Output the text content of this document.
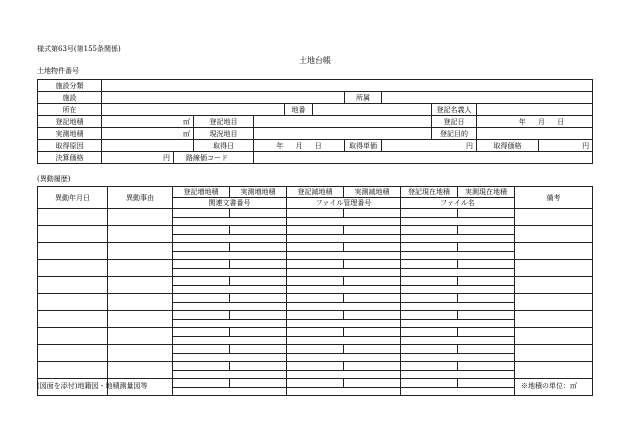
様式第63号(第155条関係)
土地台帳
土地物件番号
施設分類											
施設							所属				
所在					地番				登記名義人		
登記地積	㎡		登記地目						登記日	年 月 日	
実測地積	㎡		現況地目						登記目的		
取得原因			取得日	年 月 日			取得単価	円		取得価格	円
決算価格	円	路線価コード									
(異動履歴)
異動年月日	異動事由	登記増地積	実測増地積	登記減地積	実測減地積	登記現在地積	実測現在地積	備考
		関連文書番号		ファイル管理番号		ファイル名		

(図面を添付)地籍図・地積測量図等	※地積の単位：㎡
